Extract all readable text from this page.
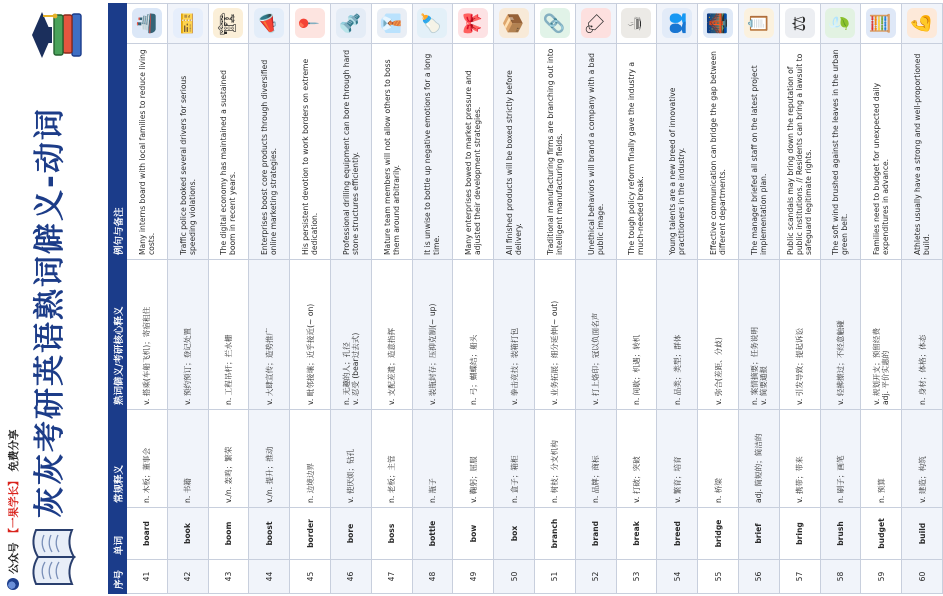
公众号
【一果学长】
免费分享 灰灰考研英语熟词僻义-动词
序号	单词	常规释义	熟词僻义/考研核心释义	例句与备注	
41	board	n. 木板；董事会	v. 搭乘(车船飞机)；寄宿租住	Many interns board with local families to reduce living costs.	🚢
42	book	n. 书籍	v. 预约预订；登记处置	Traffic police booked several drivers for serious speeding violations.	🎫
43	boom	v./n. 轰鸣；繁荣	n. 工程吊杆；拦水栅	The digital economy has maintained a sustained boom in recent years.	🏗
44	boost	v./n. 提升；推动	v. 大肆宣传；造势推广	Enterprises boost core products through diversified online marketing strategies.	📣
45	border	n. 边境边界	v. 毗邻接壤；近乎接近(~ on)	His persistent devotion to work borders on extreme dedication.	📍
46	bore	v. 使厌烦；钻孔	n. 无趣的人；孔径
v. 忍受 (bear过去式)	Professional drilling equipment can bore through hard stone structures efficiently.	🔩
47	boss	n. 老板；主管	v. 支配差遣；造意指挥	Mature team members will not allow others to boss them around arbitrarily.	👔
48	bottle	n. 瓶子	v. 装瓶封存；压抑克制(~ up)	It is unwise to bottle up negative emotions for a long time.	🍼
49	bow	v. 鞠躬；屈服	n. 弓；蝴蝶结；船头	Many enterprises bowed to market pressure and adjusted their development strategies.	🎀
50	box	n. 盒子；箱柜	v. 拳击竞技；装箱打包	All finished products will be boxed strictly before delivery.	📦
51	branch	n. 树枝；分支机构	v. 业务拓展；细分延伸(~ out)	Traditional manufacturing firms are branching out into intelligent manufacturing fields.	🔗
52	brand	n. 品牌；商标	v. 打上烙印；冠以负面名声	Unethical behaviors will brand a company with a bad public image.	🏷
53	break	v. 打破；突破	n. 间歇；机遇；转机	The tough policy reform finally gave the industry a much-needed break.	☕
54	breed	v. 繁育；培育	n. 品类；类型；群体	Young talents are a new breed of innovative practitioners in the industry.	👥
55	bridge	n. 桥梁	v. 弥合(差距、分歧)	Effective communication can bridge the gap between different departments.	🌉
56	brief	adj. 简短的；简洁的	n. 案情摘要；任务说明
v. 简要通报	The manager briefed all staff on the latest project implementation plan.	📋
57	bring	v. 携带；带来	v. 引发导致；提起诉讼	Public scandals may bring down the reputation of public institutions. // Residents can bring a lawsuit to safeguard legitimate rights.	⚖
58	brush	n. 刷子；画笔	v. 轻拂擦过；不经意触碰	The soft wind brushed against the leaves in the urban green belt.	🍃
59	budget	n. 预算	v. 规划开支；预留经费
adj. 平价实惠的	Families need to budget for unexpected daily expenditures in advance.	🧮
60	build	v. 建造；构筑	n. 身材；体格；体态	Athletes usually have a strong and well-proportioned build.	💪
